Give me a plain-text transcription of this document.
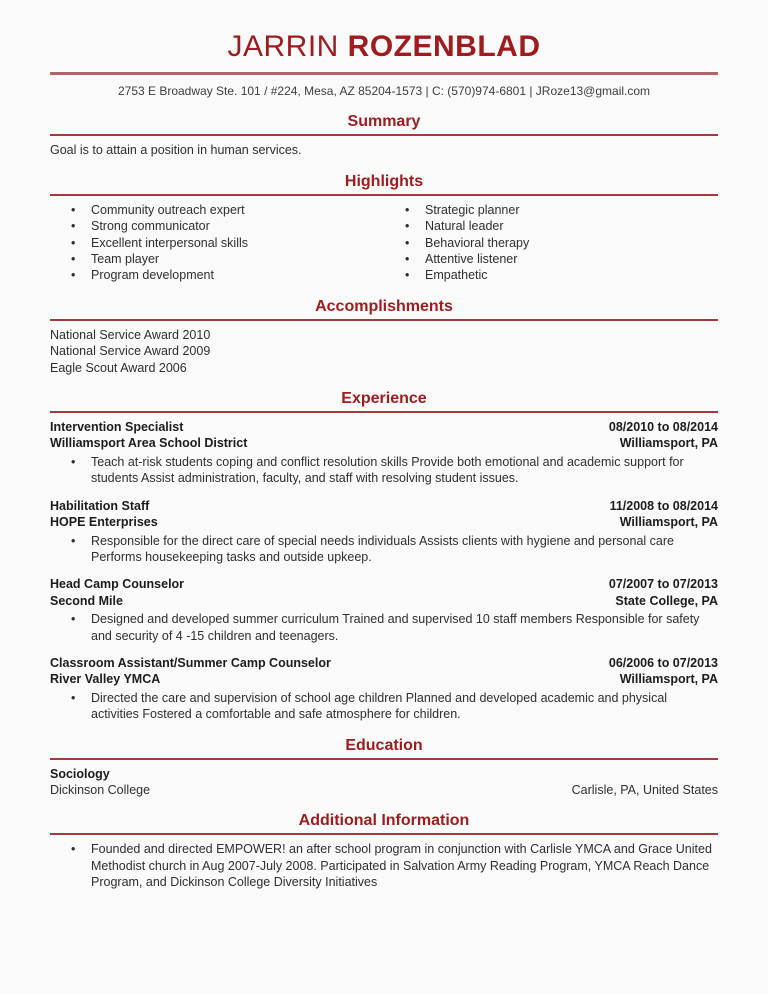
JARRIN ROZENBLAD
2753 E Broadway Ste. 101 / #224, Mesa, AZ 85204-1573 | C: (570)974-6801 | JRoze13@gmail.com
Summary
Goal is to attain a position in human services.
Highlights
•
Community outreach expert
•
Strong communicator
•
Excellent interpersonal skills
•
Team player
•
Program development
•
Strategic planner
•
Natural leader
•
Behavioral therapy
•
Attentive listener
•
Empathetic
Accomplishments
National Service Award 2010
National Service Award 2009
Eagle Scout Award 2006
Experience
Intervention Specialist	08/2010 to 08/2014
Williamsport Area School District	Williamsport, PA
•
Teach at-risk students coping and conflict resolution skills Provide both emotional and academic support for students Assist administration, faculty, and staff with resolving student issues.
Habilitation Staff	11/2008 to 08/2014
HOPE Enterprises	Williamsport, PA
•
Responsible for the direct care of special needs individuals Assists clients with hygiene and personal care Performs housekeeping tasks and outside upkeep.
Head Camp Counselor	07/2007 to 07/2013
Second Mile	State College, PA
•
Designed and developed summer curriculum Trained and supervised 10 staff members Responsible for safety and security of 4 -15 children and teenagers.
Classroom Assistant/Summer Camp Counselor	06/2006 to 07/2013
River Valley YMCA	Williamsport, PA
•
Directed the care and supervision of school age children Planned and developed academic and physical activities Fostered a comfortable and safe atmosphere for children.
Education
Sociology
Dickinson College	Carlisle, PA, United States
Additional Information
•
Founded and directed EMPOWER! an after school program in conjunction with Carlisle YMCA and Grace United Methodist church in Aug 2007-July 2008. Participated in Salvation Army Reading Program, YMCA Reach Dance Program, and Dickinson College Diversity Initiatives
